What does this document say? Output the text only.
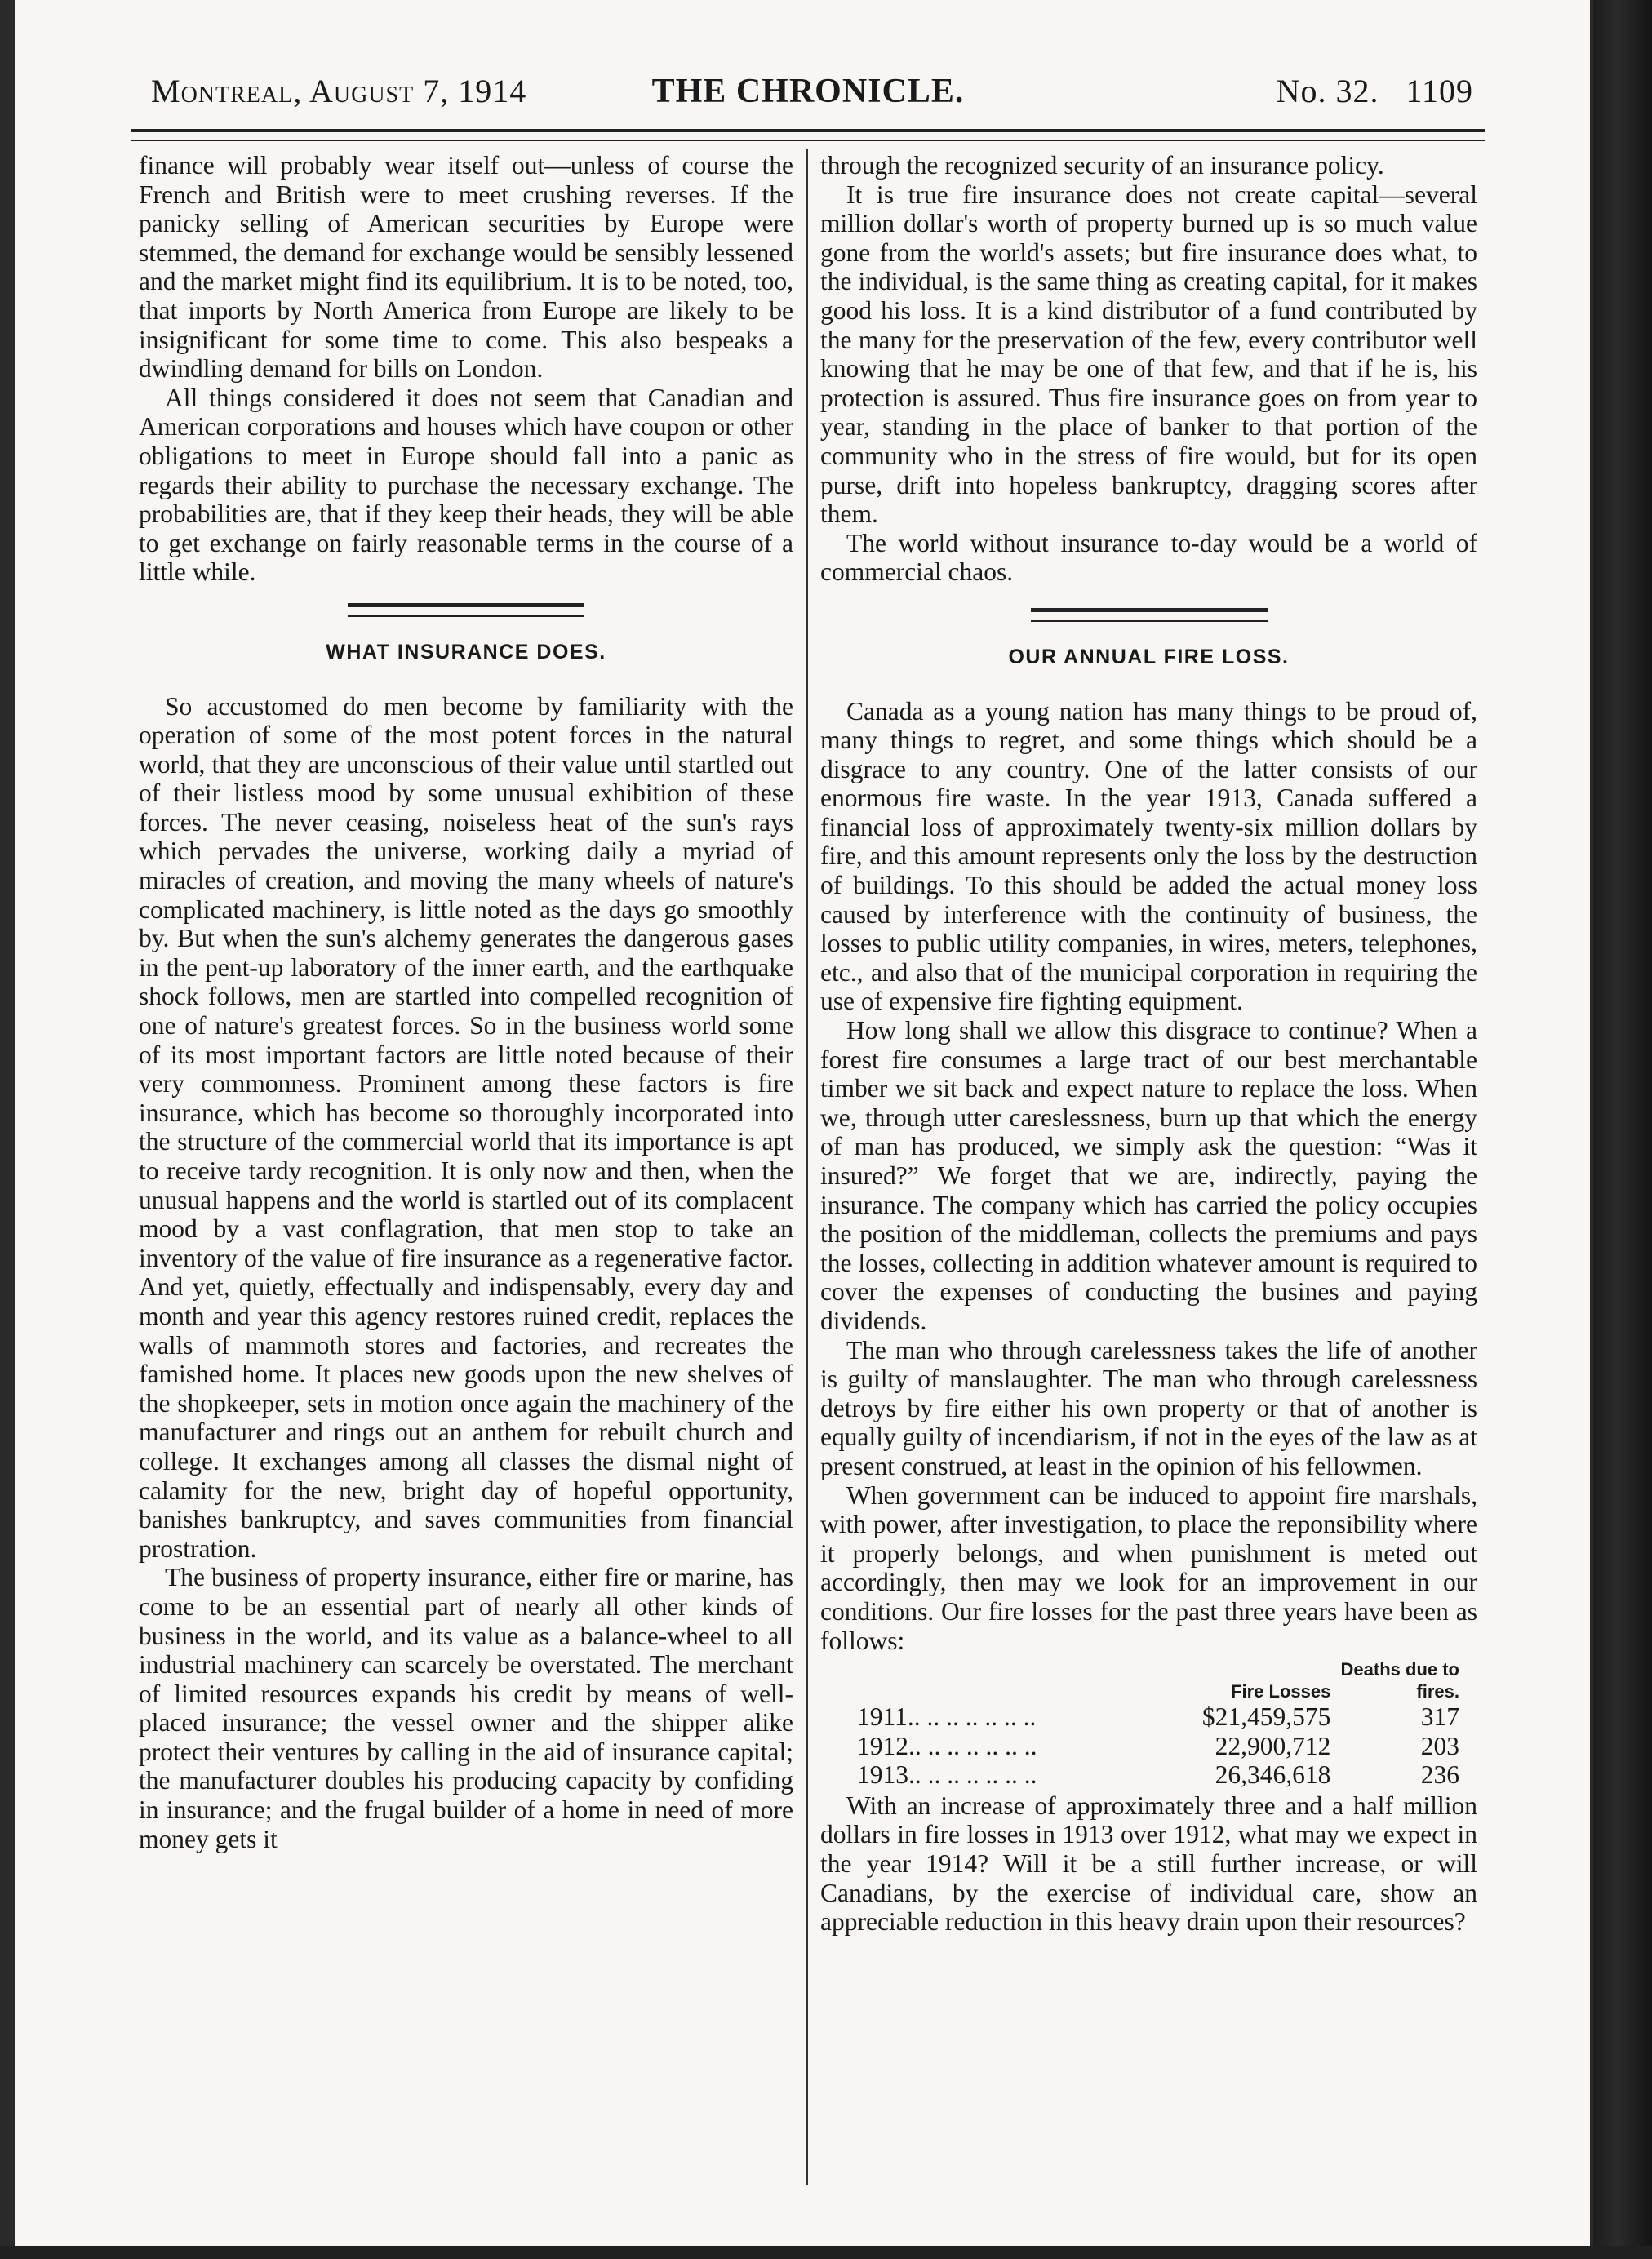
Montreal, August 7, 1914	THE CHRONICLE.	No. 32.   1109

finance will probably wear itself out—unless of course the French and British were to meet crushing reverses. If the panicky selling of American securities by Europe were stemmed, the demand for exchange would be sensibly lessened and the market might find its equilibrium. It is to be noted, too, that imports by North America from Europe are likely to be insignificant for some time to come. This also bespeaks a dwindling demand for bills on London.

All things considered it does not seem that Canadian and American corporations and houses which have coupon or other obligations to meet in Europe should fall into a panic as regards their ability to purchase the necessary exchange. The probabilities are, that if they keep their heads, they will be able to get exchange on fairly reasonable terms in the course of a little while.

WHAT INSURANCE DOES.

So accustomed do men become by familiarity with the operation of some of the most potent forces in the natural world, that they are unconscious of their value until startled out of their listless mood by some unusual exhibition of these forces. The never ceasing, noiseless heat of the sun's rays which pervades the universe, working daily a myriad of miracles of creation, and moving the many wheels of nature's complicated machinery, is little noted as the days go smoothly by. But when the sun's alchemy generates the dangerous gases in the pent-up laboratory of the inner earth, and the earthquake shock follows, men are startled into compelled recognition of one of nature's greatest forces. So in the business world some of its most important factors are little noted because of their very commonness. Prominent among these factors is fire insurance, which has become so thoroughly incorporated into the structure of the commercial world that its importance is apt to receive tardy recognition. It is only now and then, when the unusual happens and the world is startled out of its complacent mood by a vast conflagration, that men stop to take an inventory of the value of fire insurance as a regenerative factor. And yet, quietly, effectually and indispensably, every day and month and year this agency restores ruined credit, replaces the walls of mammoth stores and factories, and recreates the famished home. It places new goods upon the new shelves of the shopkeeper, sets in motion once again the machinery of the manufacturer and rings out an anthem for rebuilt church and college. It exchanges among all classes the dismal night of calamity for the new, bright day of hopeful opportunity, banishes bankruptcy, and saves communities from financial prostration.

The business of property insurance, either fire or marine, has come to be an essential part of nearly all other kinds of business in the world, and its value as a balance-wheel to all industrial machinery can scarcely be overstated. The merchant of limited resources expands his credit by means of well-placed insurance; the vessel owner and the shipper alike protect their ventures by calling in the aid of insurance capital; the manufacturer doubles his producing capacity by confiding in insurance; and the frugal builder of a home in need of more money gets it

through the recognized security of an insurance policy.

It is true fire insurance does not create capital—several million dollar's worth of property burned up is so much value gone from the world's assets; but fire insurance does what, to the individual, is the same thing as creating capital, for it makes good his loss. It is a kind distributor of a fund contributed by the many for the preservation of the few, every contributor well knowing that he may be one of that few, and that if he is, his protection is assured. Thus fire insurance goes on from year to year, standing in the place of banker to that portion of the community who in the stress of fire would, but for its open purse, drift into hopeless bankruptcy, dragging scores after them.

The world without insurance to-day would be a world of commercial chaos.

OUR ANNUAL FIRE LOSS.

Canada as a young nation has many things to be proud of, many things to regret, and some things which should be a disgrace to any country. One of the latter consists of our enormous fire waste. In the year 1913, Canada suffered a financial loss of approximately twenty-six million dollars by fire, and this amount represents only the loss by the destruction of buildings. To this should be added the actual money loss caused by interference with the continuity of business, the losses to public utility companies, in wires, meters, telephones, etc., and also that of the municipal corporation in requiring the use of expensive fire fighting equipment.

How long shall we allow this disgrace to continue? When a forest fire consumes a large tract of our best merchantable timber we sit back and expect nature to replace the loss. When we, through utter careslessness, burn up that which the energy of man has produced, we simply ask the question: “Was it insured?” We forget that we are, indirectly, paying the insurance. The company which has carried the policy occupies the position of the middleman, collects the premiums and pays the losses, collecting in addition whatever amount is required to cover the expenses of conducting the busines and paying dividends.

The man who through carelessness takes the life of another is guilty of manslaughter. The man who through carelessness detroys by fire either his own property or that of another is equally guilty of incendiarism, if not in the eyes of the law as at present construed, at least in the opinion of his fellowmen.

When government can be induced to appoint fire marshals, with power, after investigation, to place the reponsibility where it properly belongs, and when punishment is meted out accordingly, then may we look for an improvement in our conditions. Our fire losses for the past three years have been as follows:

	Fire Losses	Deaths due to fires.
1911.. .. .. .. .. .. ..	$21,459,575	317
1912.. .. .. .. .. .. ..	22,900,712	203
1913.. .. .. .. .. .. ..	26,346,618	236

With an increase of approximately three and a half million dollars in fire losses in 1913 over 1912, what may we expect in the year 1914? Will it be a still further increase, or will Canadians, by the exercise of individual care, show an appreciable reduction in this heavy drain upon their resources?
